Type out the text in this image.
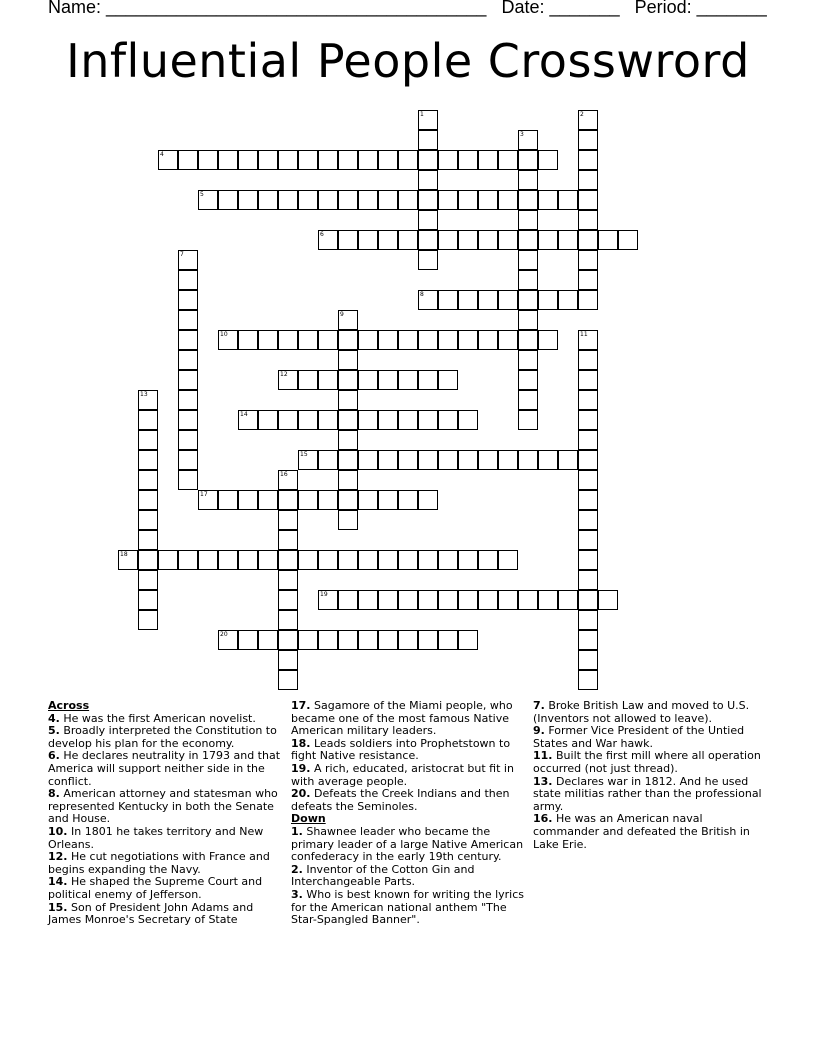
Name: ______________________________________ Date: _______ Period: _______
Influential People Crosswrord
1	2
3
4
5
6
7
8
9
10	11
12
13
14
15
16
17
18
19
20

Across

4. He was the first American novelist.

5. Broadly interpreted the Constitution to develop his plan for the economy.

6. He declares neutrality in 1793 and that America will support neither side in the conflict.

8. American attorney and statesman who represented Kentucky in both the Senate and House.

10. In 1801 he takes territory and New Orleans.

12. He cut negotiations with France and begins expanding the Navy.

14. He shaped the Supreme Court and political enemy of Jefferson.

15. Son of President John Adams and James Monroe's Secretary of State

17. Sagamore of the Miami people, who became one of the most famous Native American military leaders.

18. Leads soldiers into Prophetstown to fight Native resistance.

19. A rich, educated, aristocrat but fit in with average people.

20. Defeats the Creek Indians and then defeats the Seminoles.

Down

1. Shawnee leader who became the primary leader of a large Native American confederacy in the early 19th century.

2. Inventor of the Cotton Gin and Interchangeable Parts.

3. Who is best known for writing the lyrics for the American national anthem "The Star-Spangled Banner".

7. Broke British Law and moved to U.S. (Inventors not allowed to leave).

9. Former Vice President of the Untied States and War hawk.

11. Built the first mill where all operation occurred (not just thread).

13. Declares war in 1812. And he used state militias rather than the professional army.

16. He was an American naval commander and defeated the British in Lake Erie.
